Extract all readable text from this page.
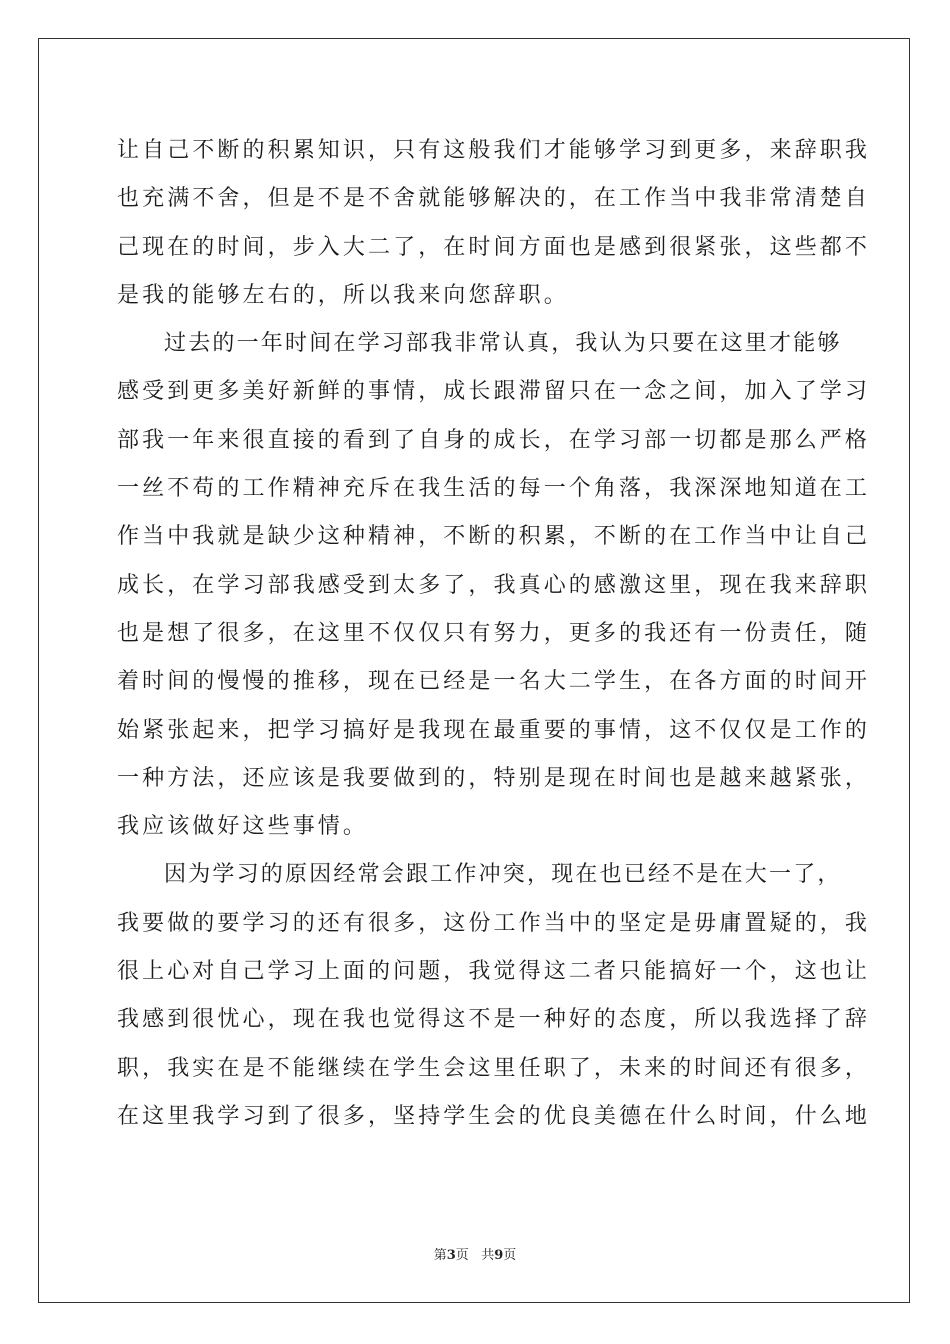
让自己不断的积累知识，只有这般我们才能够学习到更多，来辞职我
也充满不舍，但是不是不舍就能够解决的，在工作当中我非常清楚自
己现在的时间，步入大二了，在时间方面也是感到很紧张，这些都不
是我的能够左右的，所以我来向您辞职。
过去的一年时间在学习部我非常认真，我认为只要在这里才能够
感受到更多美好新鲜的事情，成长跟滞留只在一念之间，加入了学习
部我一年来很直接的看到了自身的成长，在学习部一切都是那么严格
一丝不苟的工作精神充斥在我生活的每一个角落，我深深地知道在工
作当中我就是缺少这种精神，不断的积累，不断的在工作当中让自己
成长，在学习部我感受到太多了，我真心的感激这里，现在我来辞职
也是想了很多，在这里不仅仅只有努力，更多的我还有一份责任，随
着时间的慢慢的推移，现在已经是一名大二学生，在各方面的时间开
始紧张起来，把学习搞好是我现在最重要的事情，这不仅仅是工作的
一种方法，还应该是我要做到的，特别是现在时间也是越来越紧张，
我应该做好这些事情。
因为学习的原因经常会跟工作冲突，现在也已经不是在大一了，
我要做的要学习的还有很多，这份工作当中的坚定是毋庸置疑的，我
很上心对自己学习上面的问题，我觉得这二者只能搞好一个，这也让
我感到很忧心，现在我也觉得这不是一种好的态度，所以我选择了辞
职，我实在是不能继续在学生会这里任职了，未来的时间还有很多，
在这里我学习到了很多，坚持学生会的优良美德在什么时间，什么地
第3页 共9页
